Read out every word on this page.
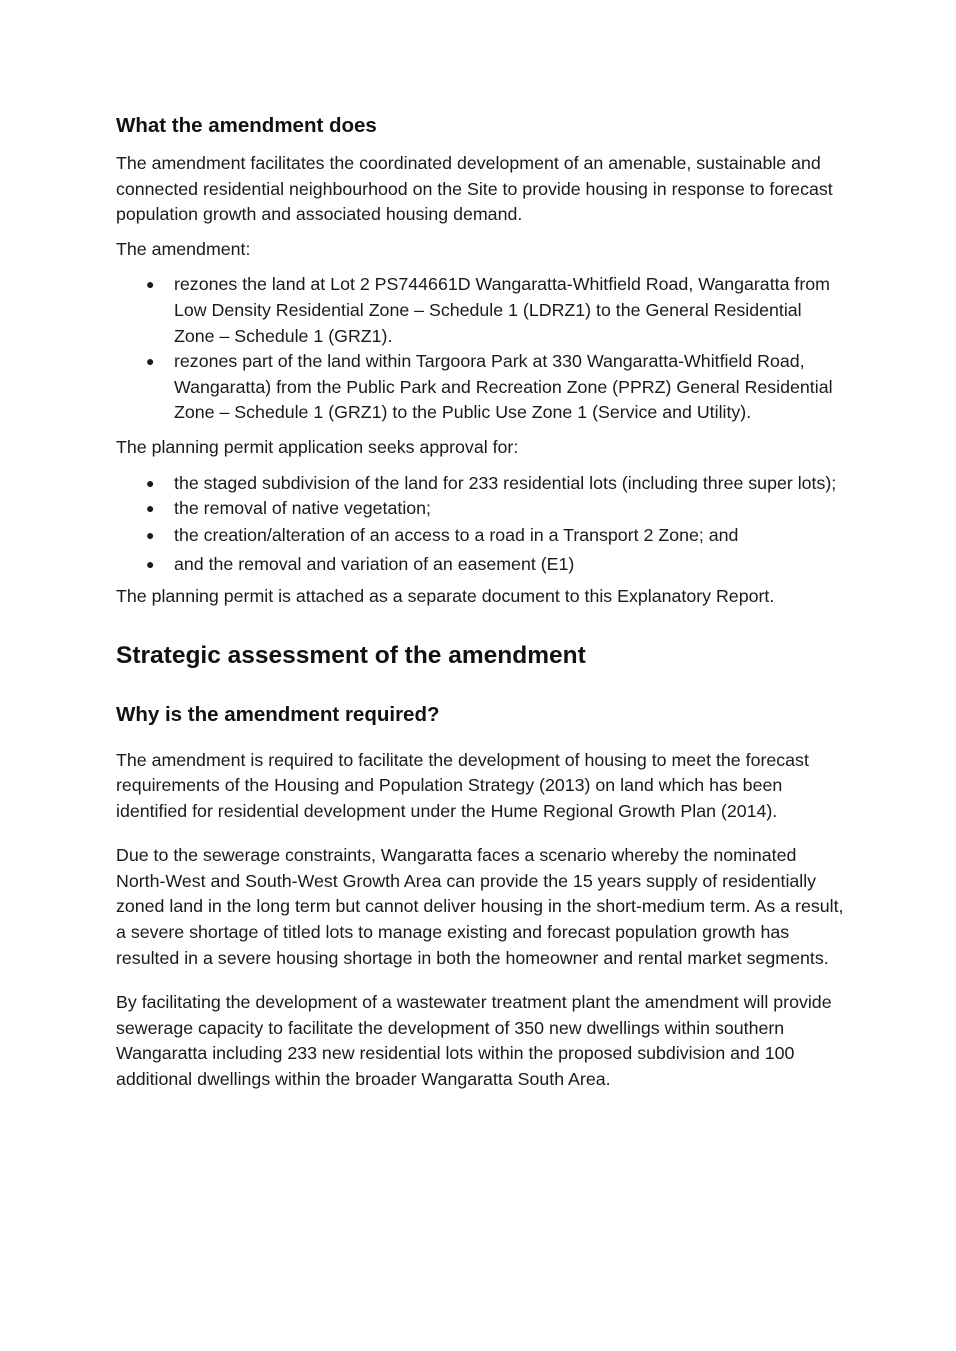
What the amendment does

The amendment facilitates the coordinated development of an amenable, sustainable and connected residential neighbourhood on the Site to provide housing in response to forecast population growth and associated housing demand.

The amendment:

● rezones the land at Lot 2 PS744661D Wangaratta-Whitfield Road, Wangaratta from Low Density Residential Zone – Schedule 1 (LDRZ1) to the General Residential Zone – Schedule 1 (GRZ1).
● rezones part of the land within Targoora Park at 330 Wangaratta-Whitfield Road, Wangaratta) from the Public Park and Recreation Zone (PPRZ) General Residential Zone – Schedule 1 (GRZ1) to the Public Use Zone 1 (Service and Utility).

The planning permit application seeks approval for:

● the staged subdivision of the land for 233 residential lots (including three super lots);
● the removal of native vegetation;
● the creation/alteration of an access to a road in a Transport 2 Zone; and
● and the removal and variation of an easement (E1)

The planning permit is attached as a separate document to this Explanatory Report.

Strategic assessment of the amendment
Why is the amendment required?

The amendment is required to facilitate the development of housing to meet the forecast requirements of the Housing and Population Strategy (2013) on land which has been identified for residential development under the Hume Regional Growth Plan (2014).

Due to the sewerage constraints, Wangaratta faces a scenario whereby the nominated North-West and South-West Growth Area can provide the 15 years supply of residentially zoned land in the long term but cannot deliver housing in the short-medium term. As a result, a severe shortage of titled lots to manage existing and forecast population growth has resulted in a severe housing shortage in both the homeowner and rental market segments.

By facilitating the development of a wastewater treatment plant the amendment will provide sewerage capacity to facilitate the development of 350 new dwellings within southern Wangaratta including 233 new residential lots within the proposed subdivision and 100 additional dwellings within the broader Wangaratta South Area.
